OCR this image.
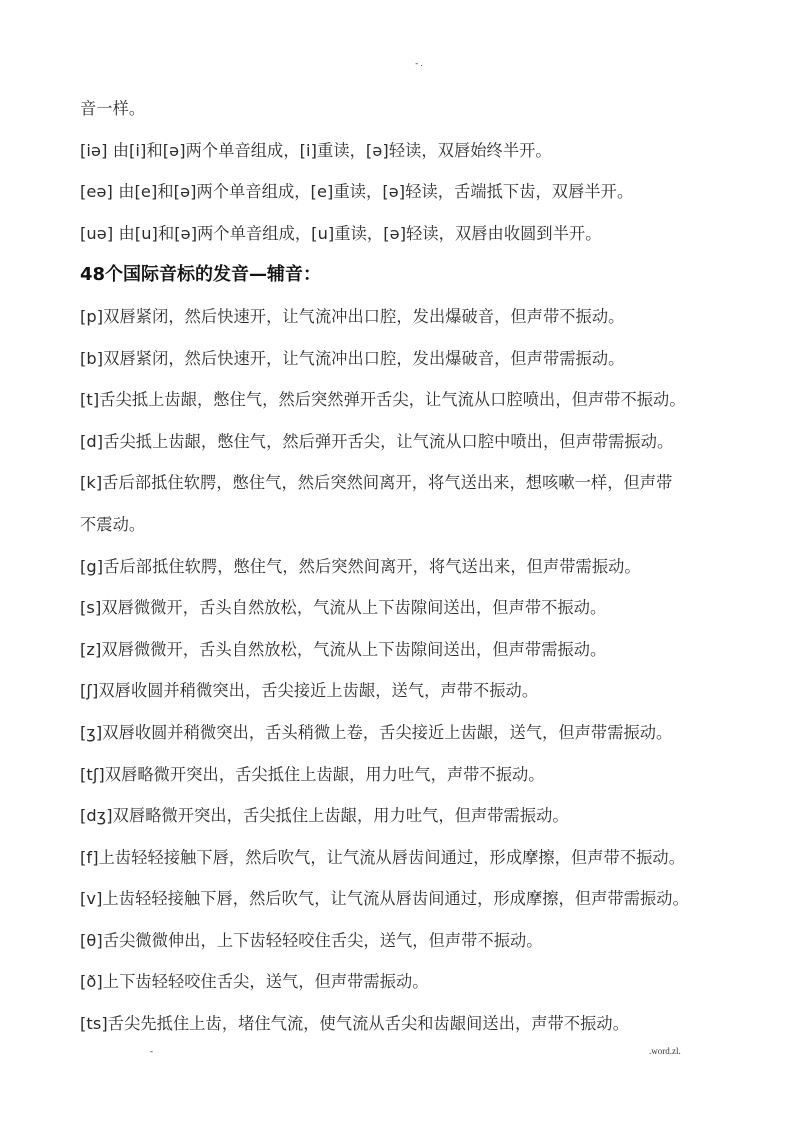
- .
音一样。
[iə] 由[i]和[ə]两个单音组成，[i]重读，[ə]轻读，双唇始终半开。
[eə] 由[e]和[ə]两个单音组成，[e]重读，[ə]轻读，舌端抵下齿，双唇半开。
[uə] 由[u]和[ə]两个单音组成，[u]重读，[ə]轻读，双唇由收圆到半开。
48个国际音标的发音—辅音：
[p]双唇紧闭，然后快速开，让气流冲出口腔，发出爆破音，但声带不振动。
[b]双唇紧闭，然后快速开，让气流冲出口腔，发出爆破音，但声带需振动。
[t]舌尖抵上齿龈，憋住气，然后突然弹开舌尖，让气流从口腔喷出，但声带不振动。
[d]舌尖抵上齿龈，憋住气，然后弹开舌尖，让气流从口腔中喷出，但声带需振动。
[k]舌后部抵住软腭，憋住气，然后突然间离开，将气送出来，想咳嗽一样，但声带
不震动。
[g]舌后部抵住软腭，憋住气，然后突然间离开，将气送出来，但声带需振动。
[s]双唇微微开，舌头自然放松，气流从上下齿隙间送出，但声带不振动。
[z]双唇微微开，舌头自然放松，气流从上下齿隙间送出，但声带需振动。
[ʃ]双唇收圆并稍微突出，舌尖接近上齿龈，送气，声带不振动。
[ʒ]双唇收圆并稍微突出，舌头稍微上卷，舌尖接近上齿龈，送气，但声带需振动。
[tʃ]双唇略微开突出，舌尖抵住上齿龈，用力吐气，声带不振动。
[dʒ]双唇略微开突出，舌尖抵住上齿龈，用力吐气，但声带需振动。
[f]上齿轻轻接触下唇，然后吹气，让气流从唇齿间通过，形成摩擦，但声带不振动。
[v]上齿轻轻接触下唇，然后吹气，让气流从唇齿间通过，形成摩擦，但声带需振动。
[θ]舌尖微微伸出，上下齿轻轻咬住舌尖，送气，但声带不振动。
[ð]上下齿轻轻咬住舌尖，送气，但声带需振动。
[ts]舌尖先抵住上齿，堵住气流，使气流从舌尖和齿龈间送出，声带不振动。
-	.word.zl.
